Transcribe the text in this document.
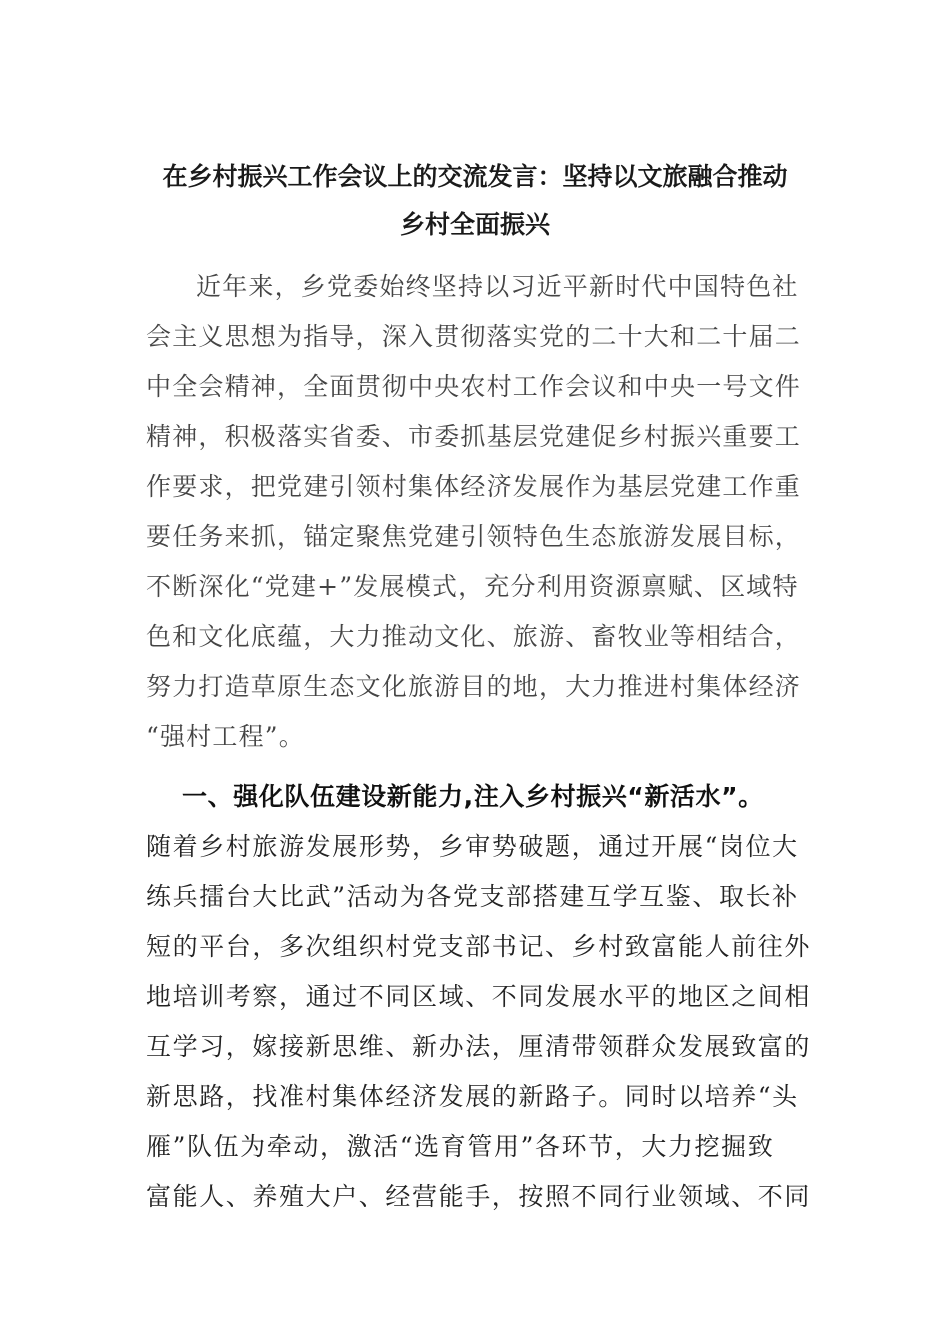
在乡村振兴工作会议上的交流发言：坚持以文旅融合推动
乡村全面振兴

近年来，乡党委始终坚持以习近平新时代中国特色社
会主义思想为指导，深入贯彻落实党的二十大和二十届二
中全会精神，全面贯彻中央农村工作会议和中央一号文件
精神，积极落实省委、市委抓基层党建促乡村振兴重要工
作要求，把党建引领村集体经济发展作为基层党建工作重
要任务来抓，锚定聚焦党建引领特色生态旅游发展目标，
不断深化“党建+”发展模式，充分利用资源禀赋、区域特
色和文化底蕴，大力推动文化、旅游、畜牧业等相结合，
努力打造草原生态文化旅游目的地，大力推进村集体经济
“强村工程”。

一、强化队伍建设新能力,注入乡村振兴“新活水”。
随着乡村旅游发展形势，乡审势破题，通过开展“岗位大
练兵擂台大比武”活动为各党支部搭建互学互鉴、取长补
短的平台，多次组织村党支部书记、乡村致富能人前往外
地培训考察，通过不同区域、不同发展水平的地区之间相
互学习，嫁接新思维、新办法，厘清带领群众发展致富的
新思路，找准村集体经济发展的新路子。同时以培养“头
雁”队伍为牵动，激活“选育管用”各环节，大力挖掘致
富能人、养殖大户、经营能手，按照不同行业领域、不同
